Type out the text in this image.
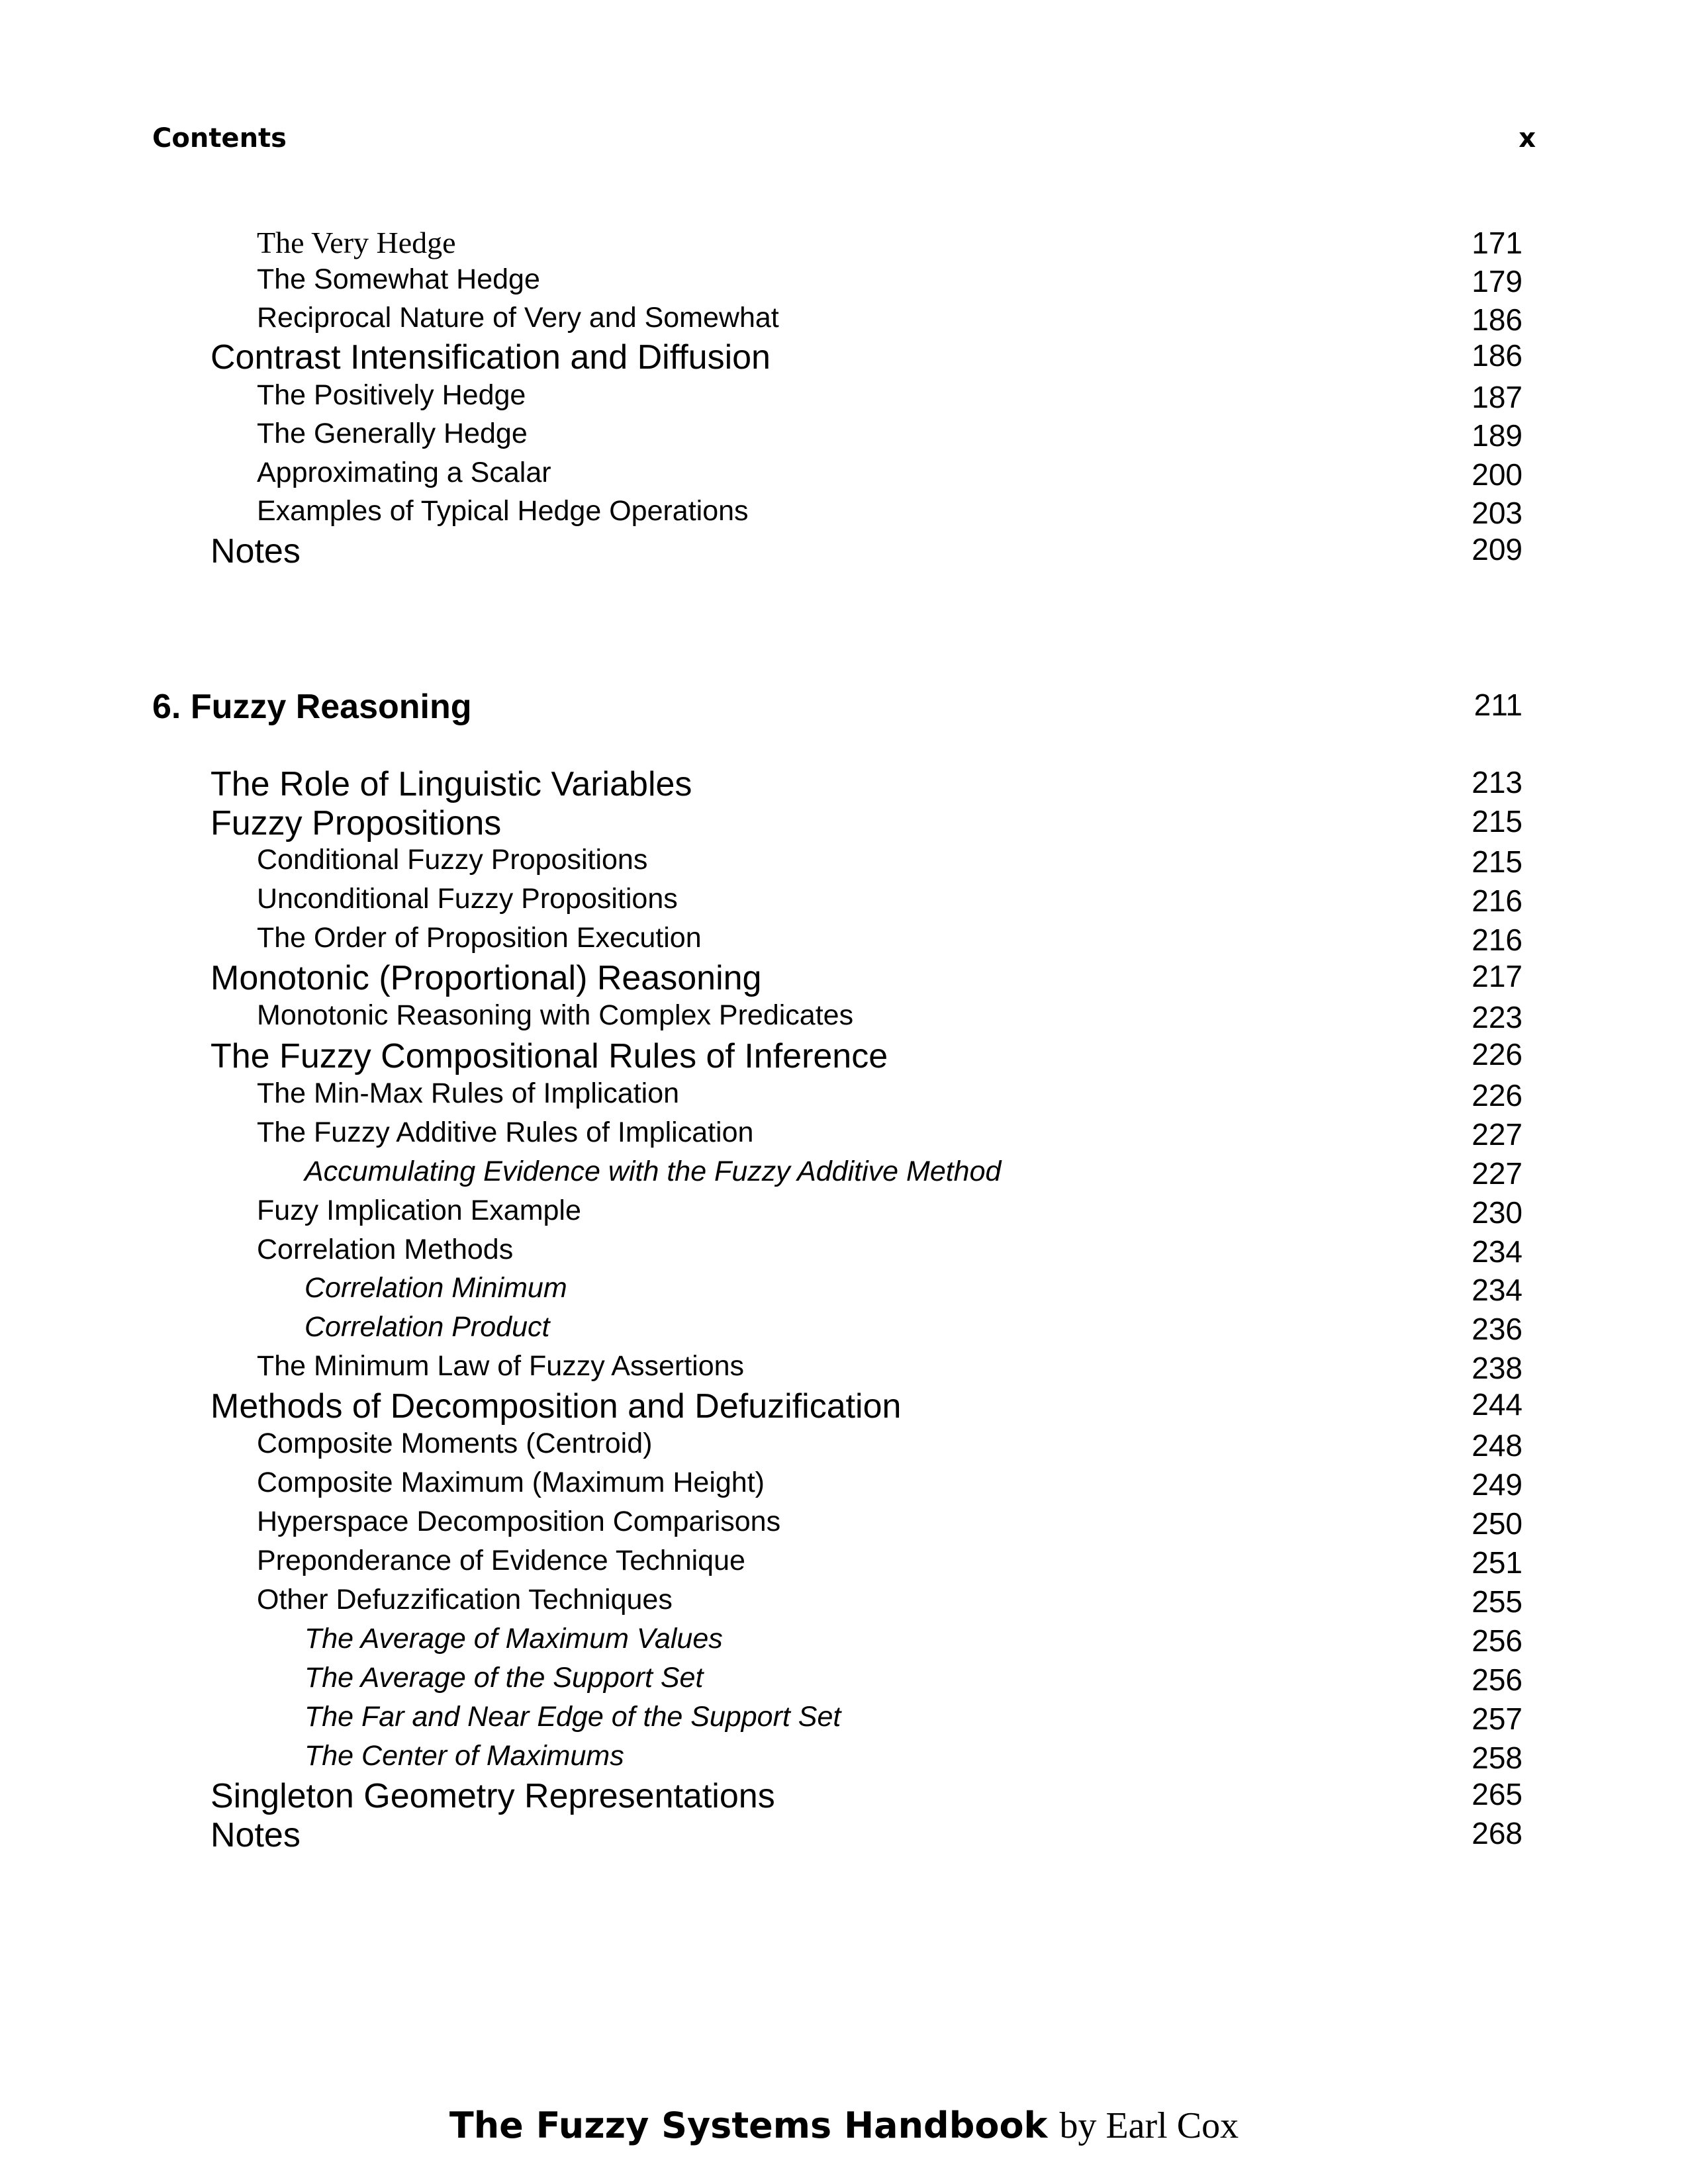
Contents	x
The Very Hedge	171
The Somewhat Hedge	179
Reciprocal Nature of Very and Somewhat	186
Contrast Intensification and Diffusion	186
The Positively Hedge	187
The Generally Hedge	189
Approximating a Scalar	200
Examples of Typical Hedge Operations	203
Notes	209
6. Fuzzy Reasoning	211
The Role of Linguistic Variables	213
Fuzzy Propositions	215
Conditional Fuzzy Propositions	215
Unconditional Fuzzy Propositions	216
The Order of Proposition Execution	216
Monotonic (Proportional) Reasoning	217
Monotonic Reasoning with Complex Predicates	223
The Fuzzy Compositional Rules of Inference	226
The Min-Max Rules of Implication	226
The Fuzzy Additive Rules of Implication	227
Accumulating Evidence with the Fuzzy Additive Method	227
Fuzy Implication Example	230
Correlation Methods	234
Correlation Minimum	234
Correlation Product	236
The Minimum Law of Fuzzy Assertions	238
Methods of Decomposition and Defuzification	244
Composite Moments (Centroid)	248
Composite Maximum (Maximum Height)	249
Hyperspace Decomposition Comparisons	250
Preponderance of Evidence Technique	251
Other Defuzzification Techniques	255
The Average of Maximum Values	256
The Average of the Support Set	256
The Far and Near Edge of the Support Set	257
The Center of Maximums	258
Singleton Geometry Representations	265
Notes	268
The Fuzzy Systems Handbook by Earl Cox
